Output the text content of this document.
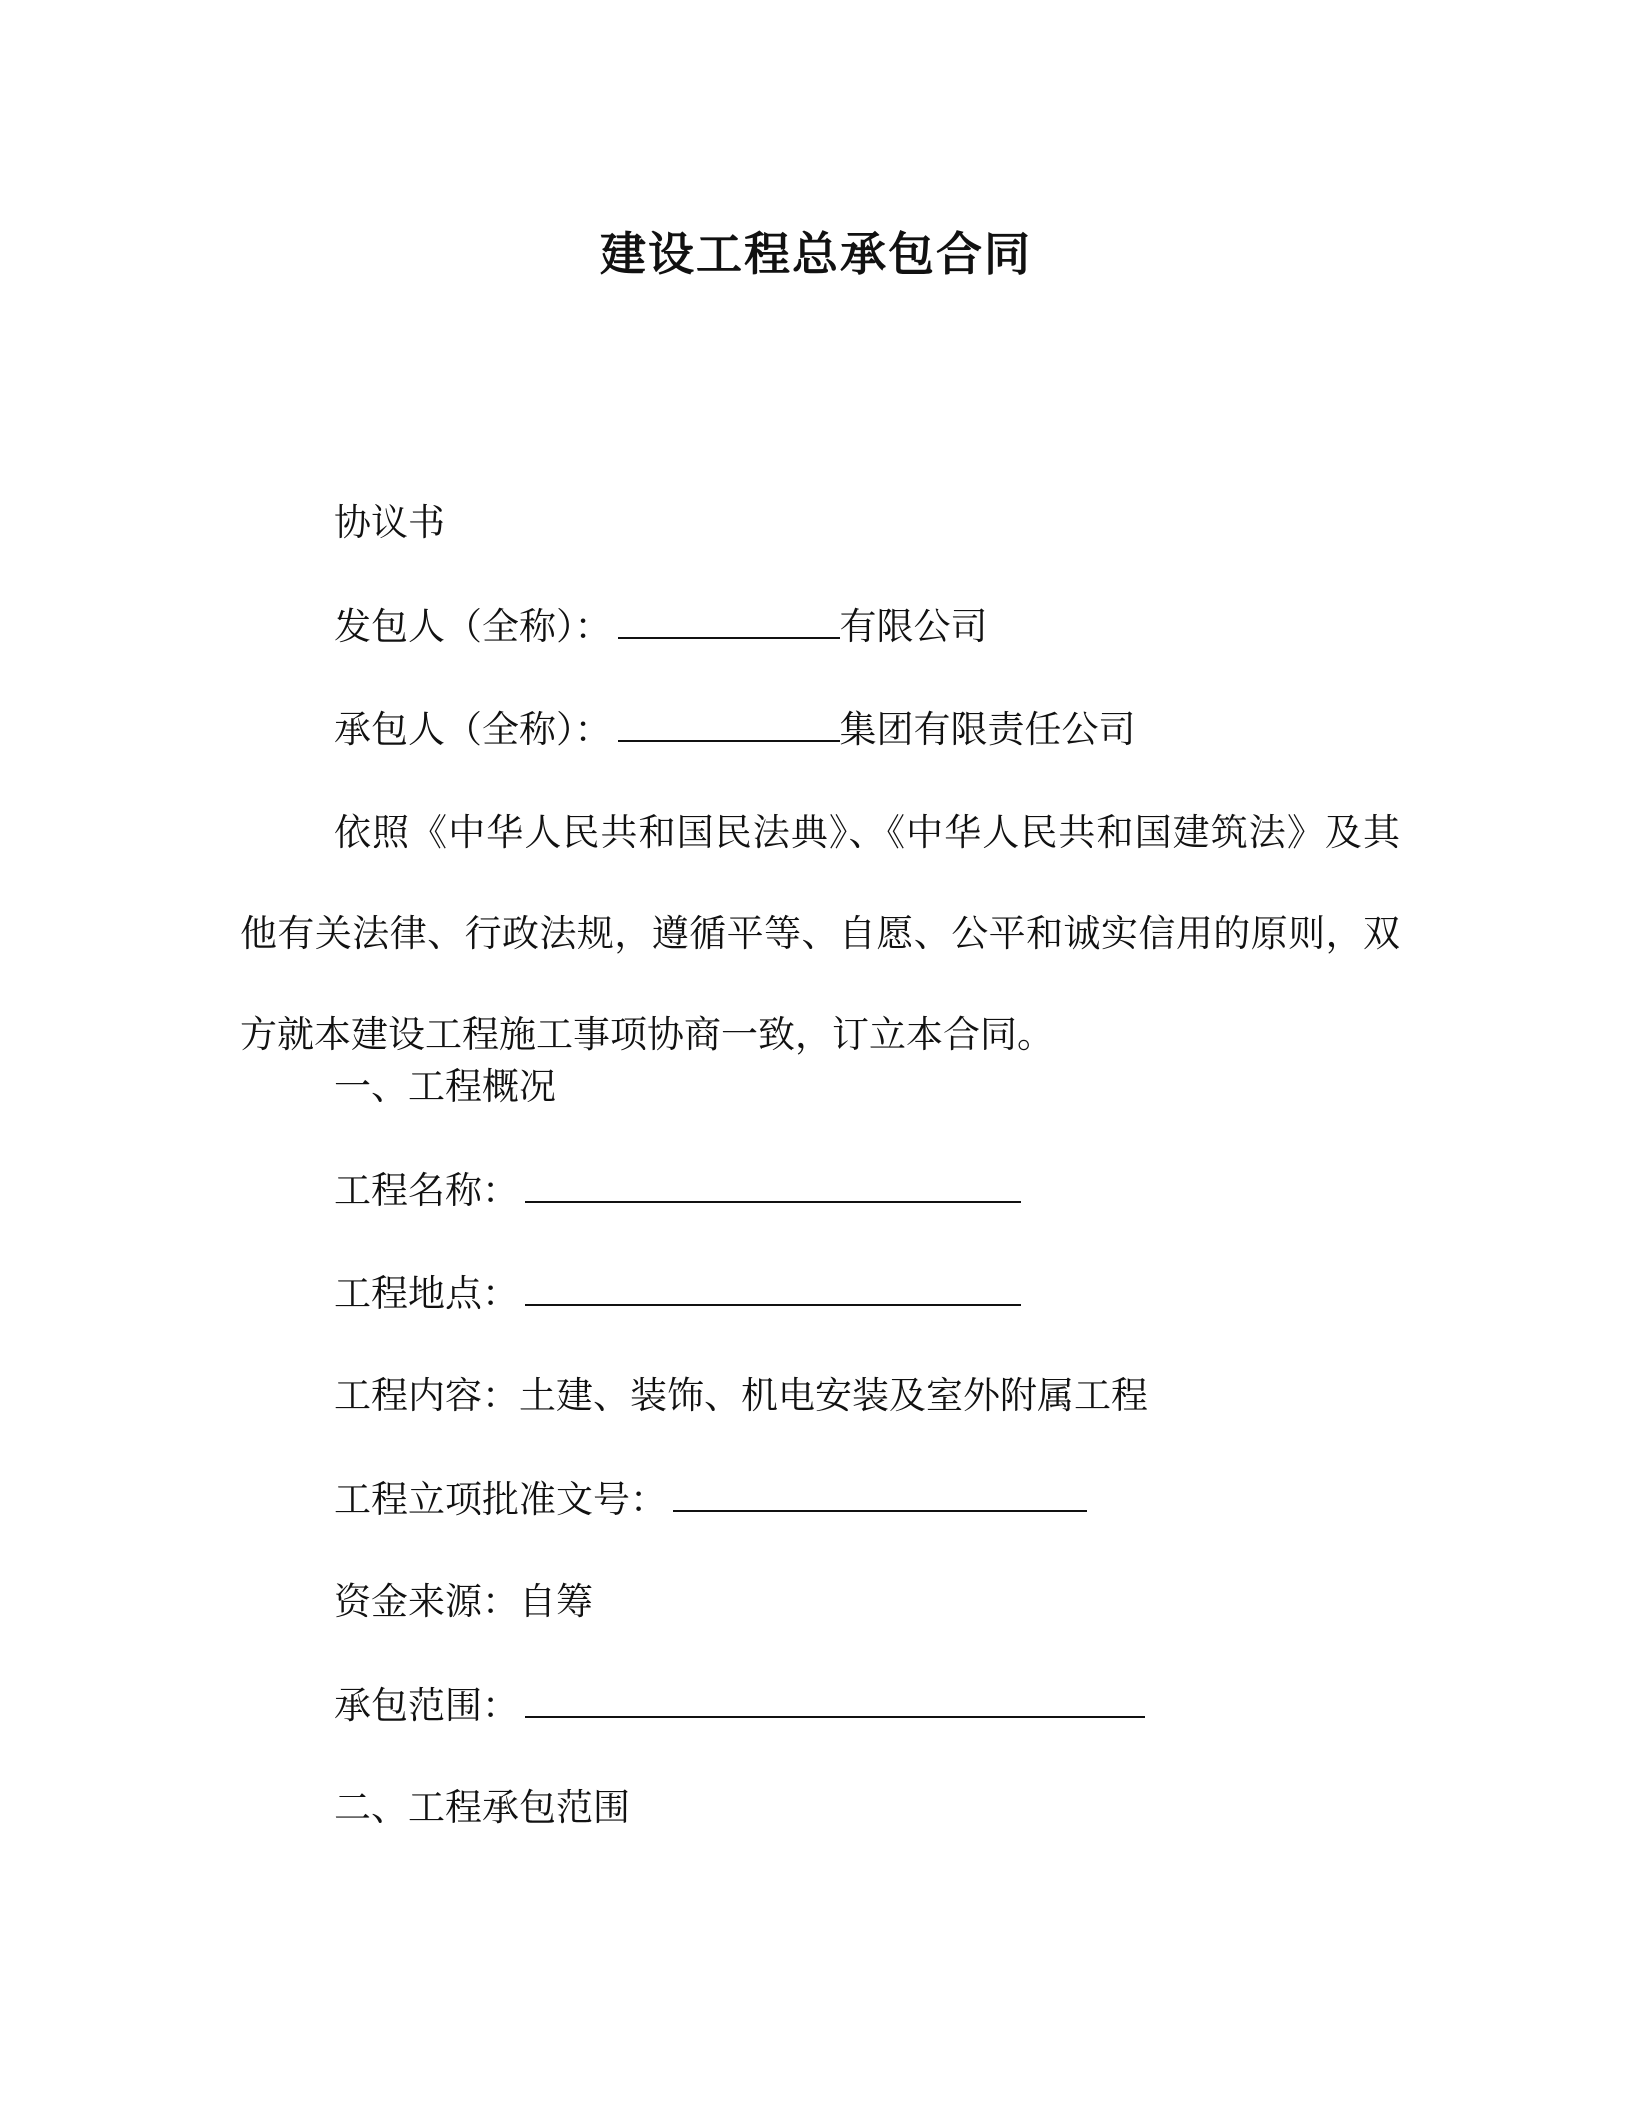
建设工程总承包合同
协议书
发包人（全称）：	有限公司
承包人（全称）：	集团有限责任公司
依照《中华人民共和国民法典》、《中华人民共和国建筑法》及其他有关法律、行政法规，遵循平等、自愿、公平和诚实信用的原则，双方就本建设工程施工事项协商一致，订立本合同。
一、工程概况
工程名称：
工程地点：
工程内容：土建、装饰、机电安装及室外附属工程
工程立项批准文号：
资金来源：自筹
承包范围：
二、工程承包范围
